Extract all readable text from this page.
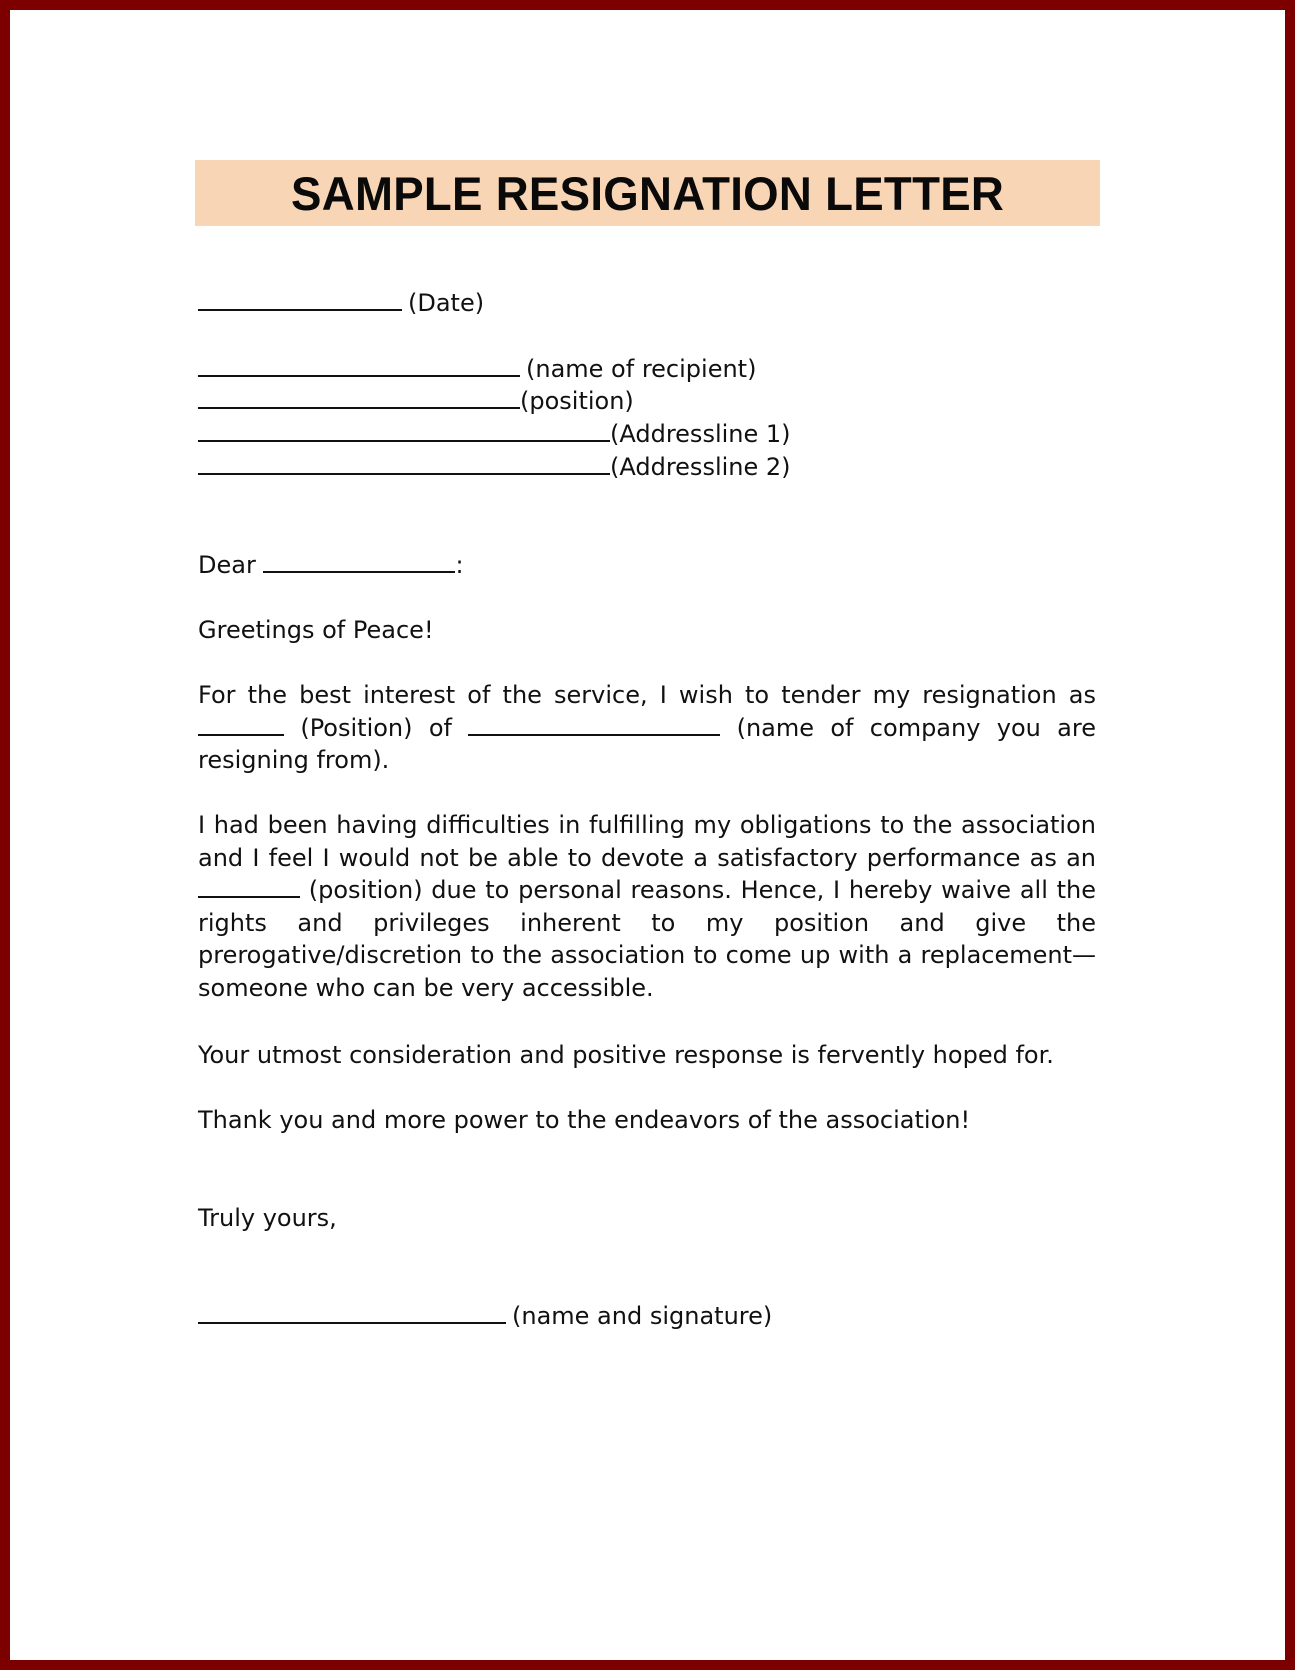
SAMPLE RESIGNATION LETTER
(Date)
(name of recipient)
(position)
(Addressline 1)
(Addressline 2)
Dear	:
Greetings of Peace!
For the best interest of the service, I wish to tender my resignation as  (Position) of	(name of company you are resigning from).
I had been having difficulties in fulfilling my obligations to the association and I feel I would not be able to devote a satisfactory performance as an  (position) due to personal reasons. Hence, I hereby waive all the rights and privileges inherent to my position and give the prerogative/discretion to the association to come up with a replacement—someone who can be very accessible.
Your utmost consideration and positive response is fervently hoped for.
Thank you and more power to the endeavors of the association!
Truly yours,
(name and signature)
